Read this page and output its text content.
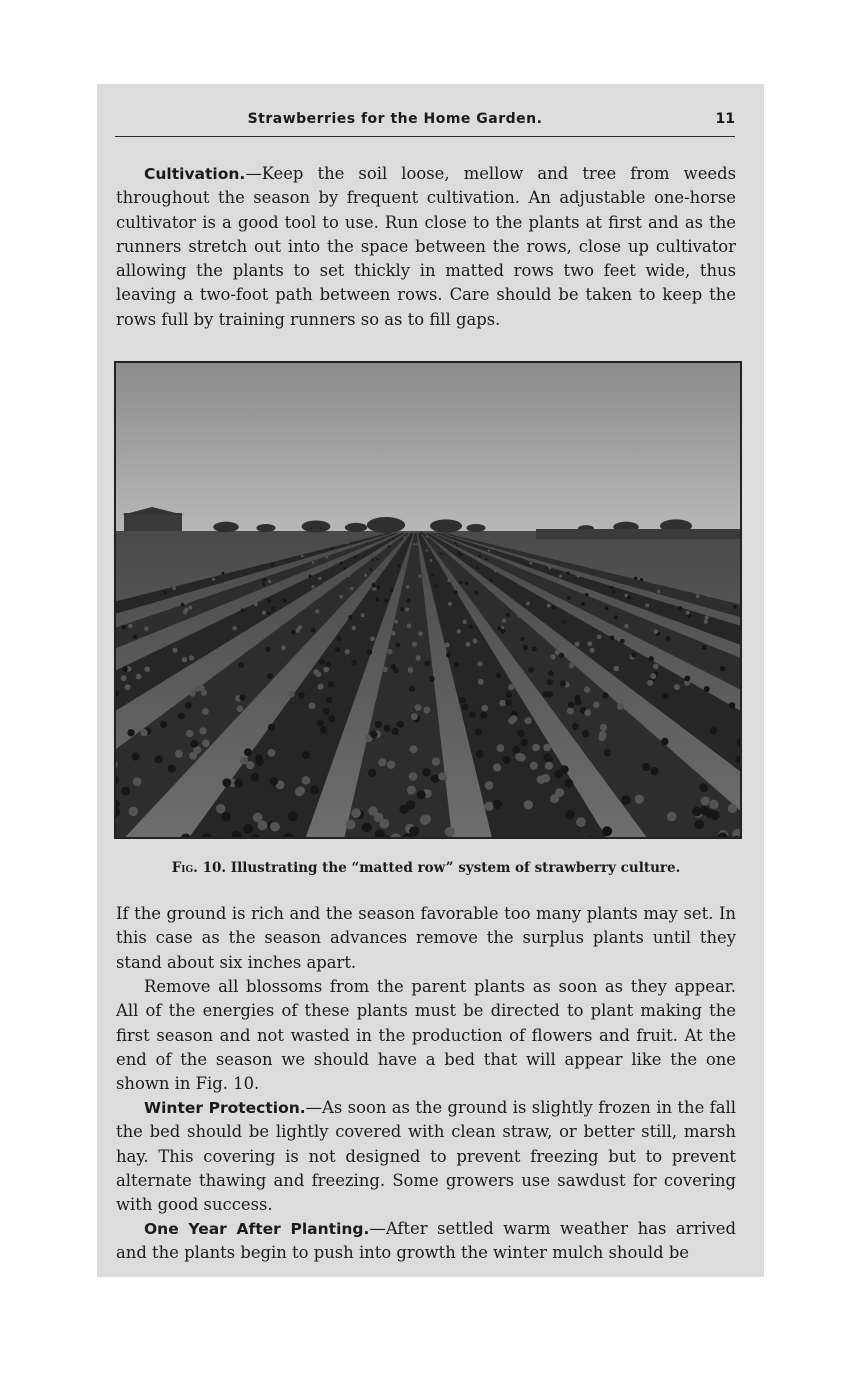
Strawberries for the Home Garden.	11

Cultivation.—Keep the soil loose, mellow and tree from weeds throughout the season by frequent cultivation. An adjustable one-horse cultivator is a good tool to use. Run close to the plants at first and as the runners stretch out into the space between the rows, close up cultivator allowing the plants to set thickly in matted rows two feet wide, thus leaving a two-foot path between rows. Care should be taken to keep the rows full by training runners so as to fill gaps.

Fig. 10. Illustrating the “matted row” system of strawberry culture.

If the ground is rich and the season favorable too many plants may set. In this case as the season advances remove the surplus plants until they stand about six inches apart.

Remove all blossoms from the parent plants as soon as they appear. All of the energies of these plants must be directed to plant making the first season and not wasted in the production of flowers and fruit. At the end of the season we should have a bed that will appear like the one shown in Fig. 10.

Winter Protection.—As soon as the ground is slightly frozen in the fall the bed should be lightly covered with clean straw, or better still, marsh hay. This covering is not designed to prevent freezing but to prevent alternate thawing and freezing. Some growers use sawdust for covering with good success.

One Year After Planting.—After settled warm weather has arrived and the plants begin to push into growth the winter mulch should be
